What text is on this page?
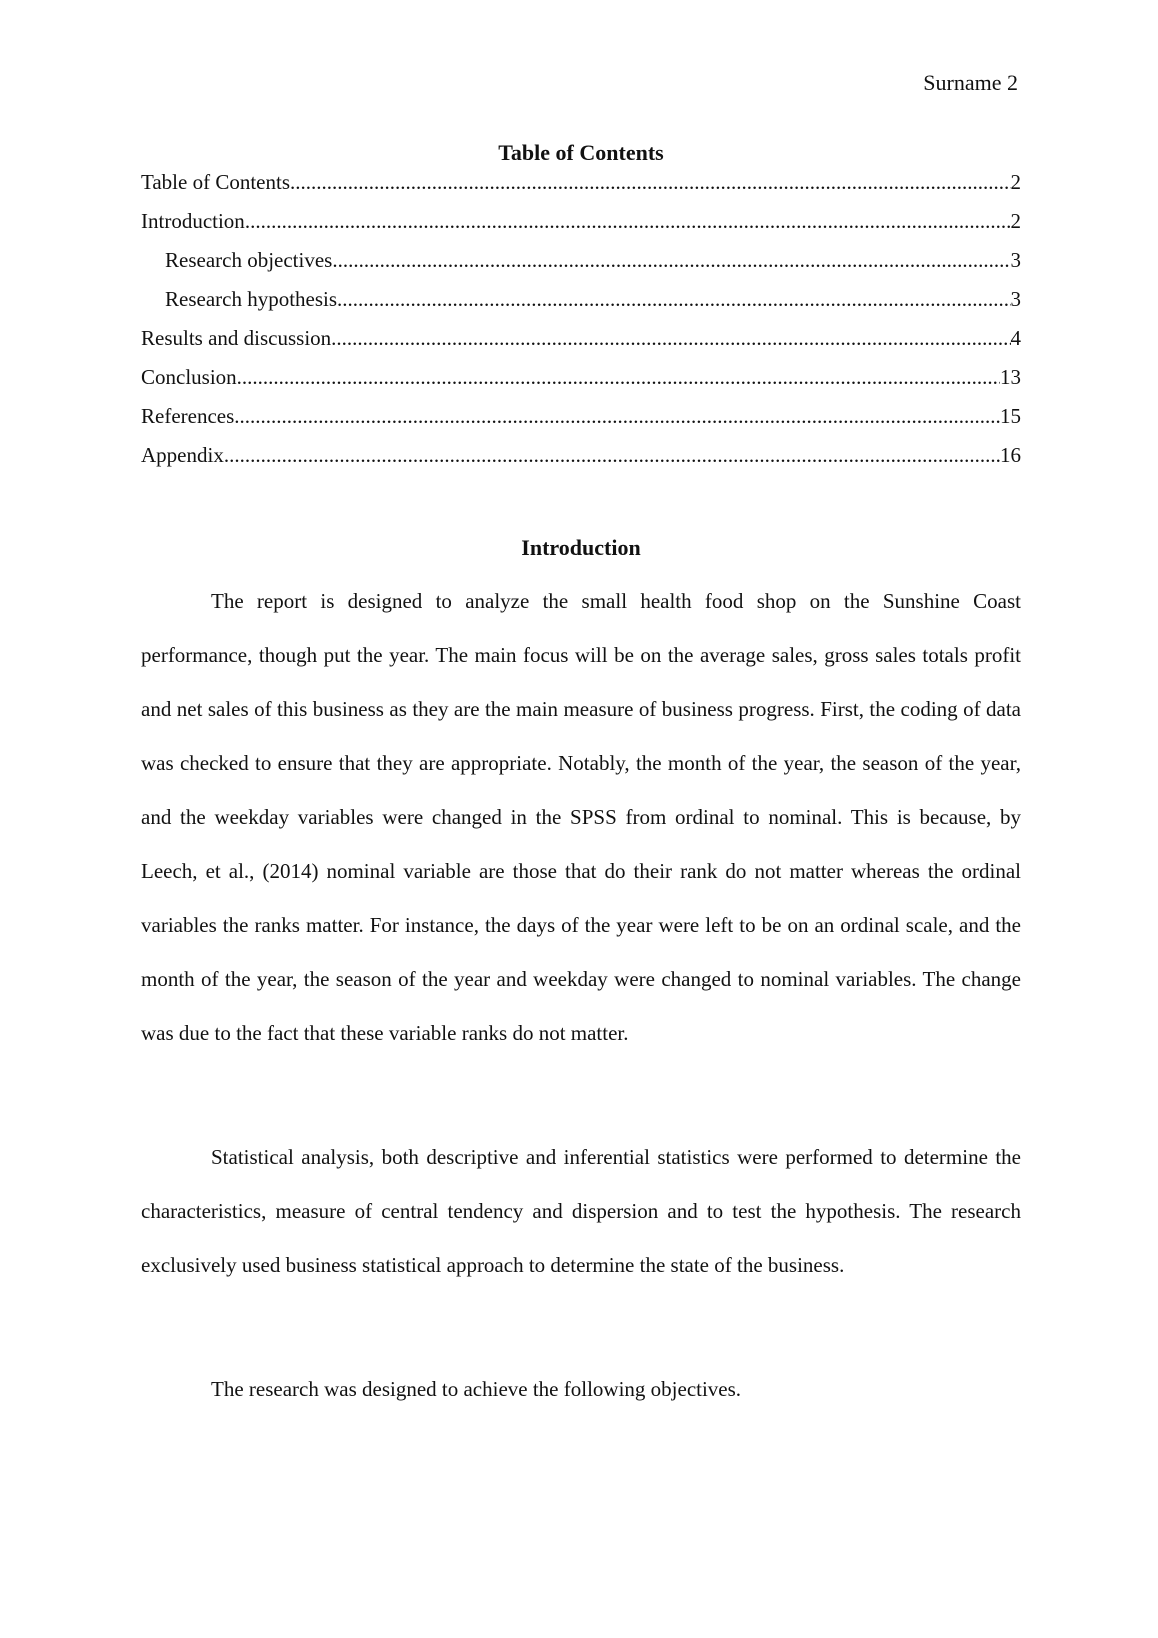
Surname 2
Table of Contents
Table of Contents .....	2
Introduction .....	2
Research objectives .....	3
Research hypothesis .....	3
Results and discussion .....	4
Conclusion .....	13
References .....	15
Appendix .....	16
Introduction

The report is designed to analyze the small health food shop on the Sunshine Coast performance, though put the year. The main focus will be on the average sales, gross sales totals profit and net sales of this business as they are the main measure of business progress. First, the coding of data was checked to ensure that they are appropriate. Notably, the month of the year, the season of the year, and the weekday variables were changed in the SPSS from ordinal to nominal. This is because, by Leech, et al., (2014) nominal variable are those that do their rank do not matter whereas the ordinal variables the ranks matter. For instance, the days of the year were left to be on an ordinal scale, and the month of the year, the season of the year and weekday were changed to nominal variables. The change was due to the fact that these variable ranks do not matter.

Statistical analysis, both descriptive and inferential statistics were performed to determine the characteristics, measure of central tendency and dispersion and to test the hypothesis. The research exclusively used business statistical approach to determine the state of the business.

The research was designed to achieve the following objectives.
